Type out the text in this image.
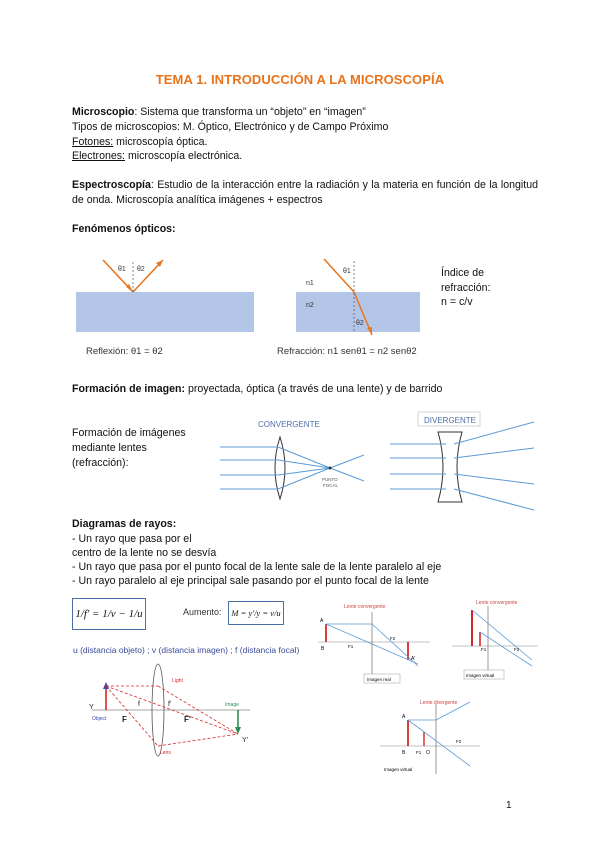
TEMA 1. INTRODUCCIÓN A LA MICROSCOPÍA
Microscopio: Sistema que transforma un “objeto” en “imagen”
Tipos de microscopios: M. Óptico, Electrónico y de Campo Próximo
Fotones: microscopía óptica.
Electrones: microscopía electrónica.
Espectroscopía: Estudio de la interacción entre la radiación y la materia en función de la longitud de onda. Microscopía analítica imágenes + espectros
Fenómenos ópticos:
θ1 θ2
Reflexión: θ1 = θ2
θ1
θ2
n1
n2
Refracción: n1 senθ1 = n2 senθ2
Índice de
refracción:
n = c/v
Formación de imagen: proyectada, óptica (a través de una lente) y de barrido
Formación de imágenes
mediante lentes
(refracción):
CONVERGENTE
PUNTO
FOCAL
DIVERGENTE
Diagramas de rayos:
- Un rayo que pasa por el
centro de la lente no se desvía
- Un rayo que pasa por el punto focal de la lente sale de la lente paralelo al eje
- Un rayo paralelo al eje principal sale pasando por el punto focal de la lente
1/f' = 1/v − 1/u	Aumento: M = y'/y = v/u
u (distancia objeto) ; v (distancia imagen) ; f (distancia focal)
Y
Object
Image
Y'
F	F'
f	f'
Light
Lens
Lente convergente
A
B
A'
F1
F2
Imagen real
Lente convergente
F1	F2
Imagen virtual
Lente divergente
A
B	O
F1
F2
Imagen virtual
1
